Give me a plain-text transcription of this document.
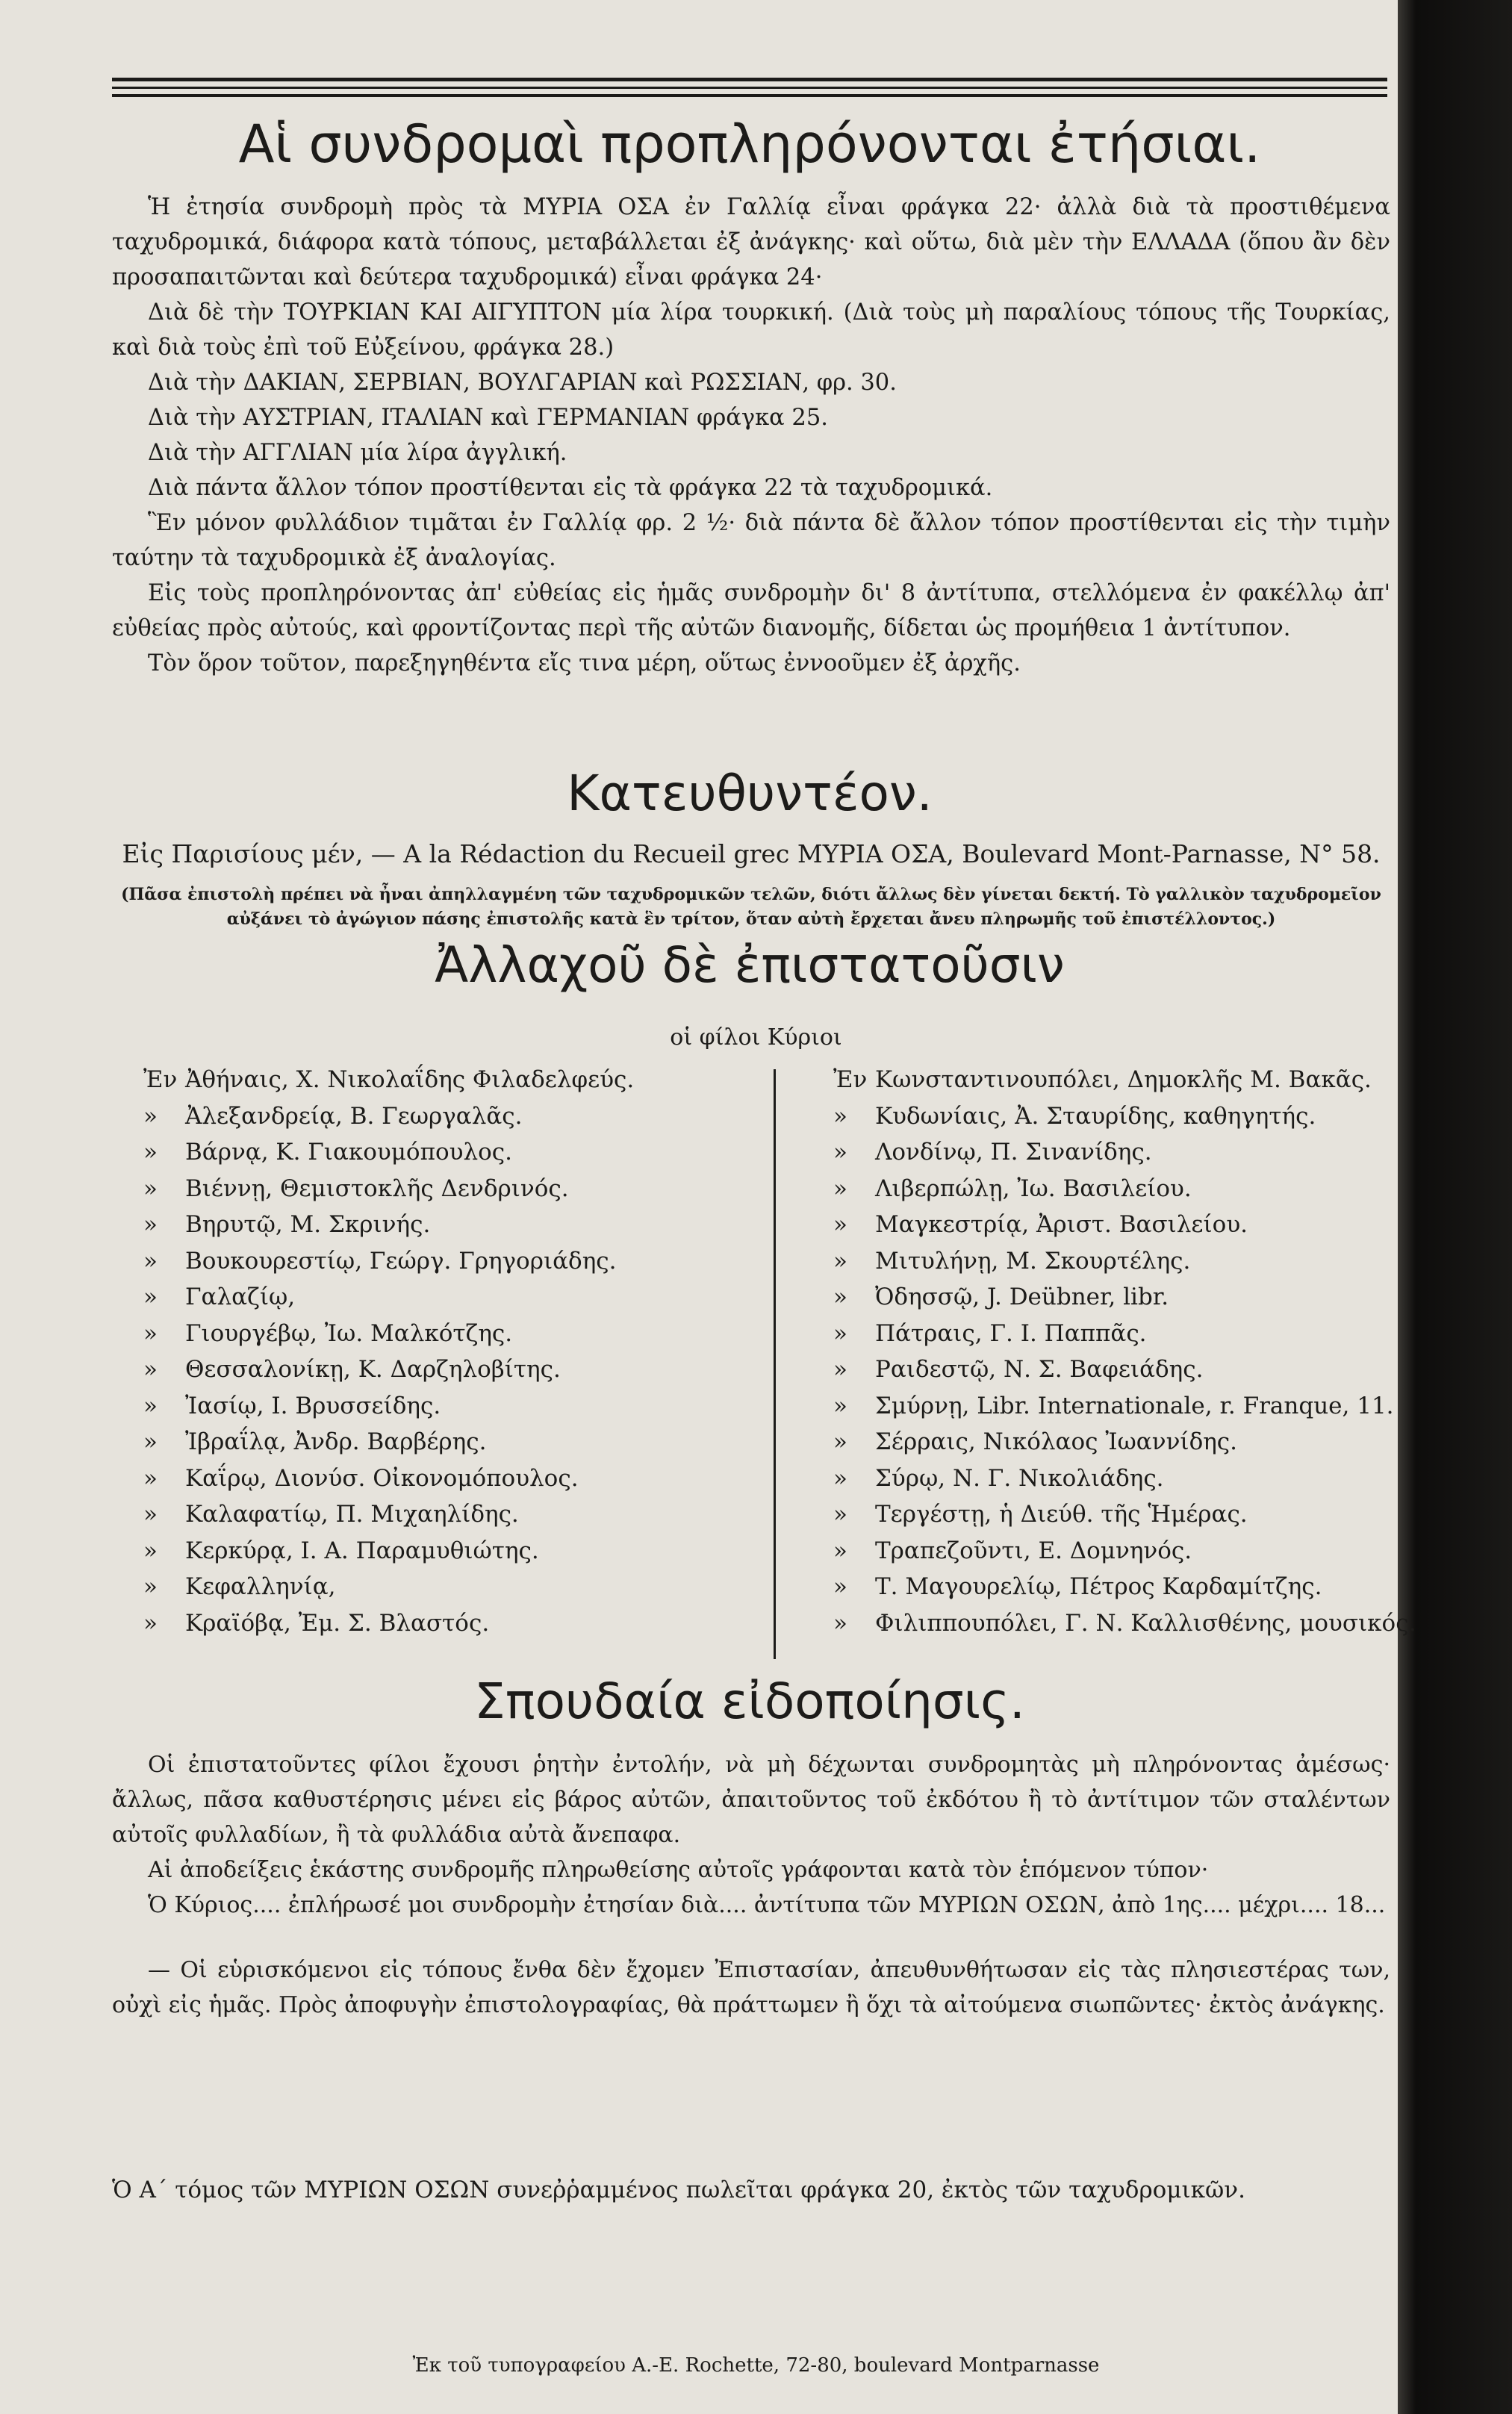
Αἱ συνδρομαὶ προπληρόνονται ἐτήσιαι.

Ἡ ἐτησία συνδρομὴ πρὸς τὰ ΜΥΡΙΑ ΟΣΑ ἐν Γαλλίᾳ εἶναι φράγκα 22· ἀλλὰ διὰ τὰ προστιθέμενα ταχυδρομικά, διάφορα κατὰ τόπους, μεταβάλλεται ἐξ ἀνάγκης· καὶ οὕτω, διὰ μὲν τὴν ΕΛΛΑΔΑ (ὅπου ἂν δὲν προσαπαιτῶνται καὶ δεύτερα ταχυδρομικά) εἶναι φράγκα 24·

Διὰ δὲ τὴν ΤΟΥΡΚΙΑΝ ΚΑΙ ΑΙΓΥΠΤΟΝ μία λίρα τουρκική. (Διὰ τοὺς μὴ παραλίους τόπους τῆς Τουρκίας, καὶ διὰ τοὺς ἐπὶ τοῦ Εὐξείνου, φράγκα 28.)

Διὰ τὴν ΔΑΚΙΑΝ, ΣΕΡΒΙΑΝ, ΒΟΥΛΓΑΡΙΑΝ καὶ ΡΩΣΣΙΑΝ, φρ. 30.

Διὰ τὴν ΑΥΣΤΡΙΑΝ, ΙΤΑΛΙΑΝ καὶ ΓΕΡΜΑΝΙΑΝ φράγκα 25.

Διὰ τὴν ΑΓΓΛΙΑΝ μία λίρα ἀγγλική.

Διὰ πάντα ἄλλον τόπον προστίθενται εἰς τὰ φράγκα 22 τὰ ταχυδρομικά.

Ἓν μόνον φυλλάδιον τιμᾶται ἐν Γαλλίᾳ φρ. 2 ½· διὰ πάντα δὲ ἄλλον τόπον προστίθενται εἰς τὴν τιμὴν ταύτην τὰ ταχυδρομικὰ ἐξ ἀναλογίας.

Εἰς τοὺς προπληρόνοντας ἀπ' εὐθείας εἰς ἡμᾶς συνδρομὴν δι' 8 ἀντίτυπα, στελλόμενα ἐν φακέλλῳ ἀπ' εὐθείας πρὸς αὐτούς, καὶ φροντίζοντας περὶ τῆς αὐτῶν διανομῆς, δίδεται ὡς προμήθεια 1 ἀντίτυπον.

Τὸν ὅρον τοῦτον, παρεξηγηθέντα εἴς τινα μέρη, οὕτως ἐννοοῦμεν ἐξ ἀρχῆς.

Κατευθυντέον.
Εἰς Παρισίους μέν, — A la Rédaction du Recueil grec ΜΥΡΙΑ ΟΣΑ, Boulevard Mont-Parnasse, N° 58.
(Πᾶσα ἐπιστολὴ πρέπει νὰ ἦναι ἀπηλλαγμένη τῶν ταχυδρομικῶν τελῶν, διότι ἄλλως δὲν γίνεται δεκτή. Τὸ γαλλικὸν ταχυδρομεῖον αὐξάνει τὸ ἀγώγιον πάσης ἐπιστολῆς κατὰ ἓν τρίτον, ὅταν αὐτὴ ἔρχεται ἄνευ πληρωμῆς τοῦ ἐπιστέλλοντος.)
Ἀλλαχοῦ δὲ ἐπιστατοῦσιν
οἱ φίλοι Κύριοι
Ἐν Ἀθήναις, Χ. Νικολαΐδης Φιλαδελφεύς.
» Ἀλεξανδρείᾳ, Β. Γεωργαλᾶς.
» Βάρνᾳ, Κ. Γιακουμόπουλος.
» Βιέννῃ, Θεμιστοκλῆς Δενδρινός.
» Βηρυτῷ, Μ. Σκρινής.
» Βουκουρεστίῳ, Γεώργ. Γρηγοριάδης.
» Γαλαζίῳ,
» Γιουργέβῳ, Ἰω. Μαλκότζης.
» Θεσσαλονίκῃ, Κ. Δαρζηλοβίτης.
» Ἰασίῳ, Ι. Βρυσσείδης.
» Ἰβραΐλᾳ, Ἀνδρ. Βαρβέρης.
» Καΐρῳ, Διονύσ. Οἰκονομόπουλος.
» Καλαφατίῳ, Π. Μιχαηλίδης.
» Κερκύρᾳ, Ι. Α. Παραμυθιώτης.
» Κεφαλληνίᾳ,
» Κραϊόβᾳ, Ἐμ. Σ. Βλαστός.
Ἐν Κωνσταντινουπόλει, Δημοκλῆς Μ. Βακᾶς.
» Κυδωνίαις, Ἀ. Σταυρίδης, καθηγητής.
» Λονδίνῳ, Π. Σινανίδης.
» Λιβερπώλῃ, Ἰω. Βασιλείου.
» Μαγκεστρίᾳ, Ἀριστ. Βασιλείου.
» Μιτυλήνῃ, Μ. Σκουρτέλης.
» Ὀδησσῷ, J. Deübner, libr.
» Πάτραις, Γ. Ι. Παππᾶς.
» Ραιδεστῷ, Ν. Σ. Βαφειάδης.
» Σμύρνῃ, Libr. Internationale, r. Franque, 11.
» Σέρραις, Νικόλαος Ἰωαννίδης.
» Σύρῳ, Ν. Γ. Νικολιάδης.
» Τεργέστῃ, ἡ Διεύθ. τῆς Ἡμέρας.
» Τραπεζοῦντι, Ε. Δομνηνός.
» Τ. Μαγουρελίῳ, Πέτρος Καρδαμίτζης.
» Φιλιππουπόλει, Γ. Ν. Καλλισθένης, μουσικός.
Σπουδαία εἰδοποίησις.

Οἱ ἐπιστατοῦντες φίλοι ἔχουσι ῥητὴν ἐντολήν, νὰ μὴ δέχωνται συνδρομητὰς μὴ πληρόνοντας ἀμέσως· ἄλλως, πᾶσα καθυστέρησις μένει εἰς βάρος αὐτῶν, ἀπαιτοῦντος τοῦ ἐκδότου ἢ τὸ ἀντίτιμον τῶν σταλέντων αὐτοῖς φυλλαδίων, ἢ τὰ φυλλάδια αὐτὰ ἄνεπαφα.

Αἱ ἀποδείξεις ἑκάστης συνδρομῆς πληρωθείσης αὐτοῖς γράφονται κατὰ τὸν ἑπόμενον τύπον·

Ὁ Κύριος.... ἐπλήρωσέ μοι συνδρομὴν ἐτησίαν διὰ.... ἀντίτυπα τῶν ΜΥΡΙΩΝ ΟΣΩΝ, ἀπὸ 1ης.... μέχρι.... 18...

— Οἱ εὑρισκόμενοι εἰς τόπους ἔνθα δὲν ἔχομεν Ἐπιστασίαν, ἀπευθυνθήτωσαν εἰς τὰς πλησιεστέρας των, οὐχὶ εἰς ἡμᾶς. Πρὸς ἀποφυγὴν ἐπιστολογραφίας, θὰ πράττωμεν ἢ ὅχι τὰ αἰτούμενα σιωπῶντες· ἐκτὸς ἀνάγκης.

Ὁ Α΄ τόμος τῶν ΜΥΡΙΩΝ ΟΣΩΝ συνεῤῥαμμένος πωλεῖται φράγκα 20, ἐκτὸς τῶν ταχυδρομικῶν.
Ἐκ τοῦ τυπογραφείου A.-E. Rochette, 72-80, boulevard Montparnasse
